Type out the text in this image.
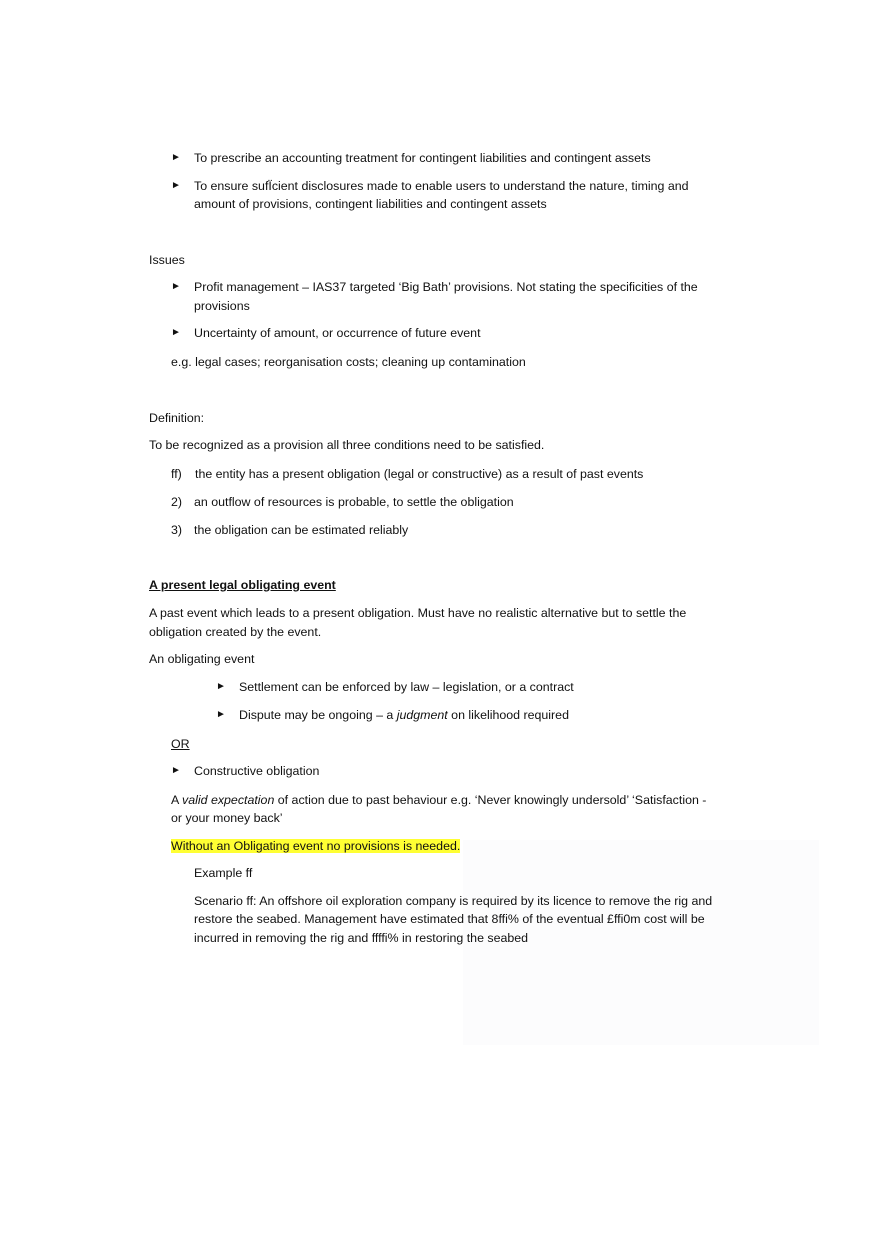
► To prescribe an accounting treatment for contingent liabilities and contingent assets
► To ensure sufÏcient disclosures made to enable users to understand the nature, timing and
amount of provisions, contingent liabilities and contingent assets
Issues
► Profit management – IAS37 targeted ‘Big Bath’ provisions. Not stating the specificities of the
provisions
► Uncertainty of amount, or occurrence of future event
e.g. legal cases; reorganisation costs; cleaning up contamination
Definition:
To be recognized as a provision all three conditions need to be satisfied.
ff) the entity has a present obligation (legal or constructive) as a result of past events
2) an outflow of resources is probable, to settle the obligation
3) the obligation can be estimated reliably
A present legal obligating event
A past event which leads to a present obligation. Must have no realistic alternative but to settle the
obligation created by the event.
An obligating event
► Settlement can be enforced by law – legislation, or a contract
► Dispute may be ongoing – a judgment on likelihood required
OR
► Constructive obligation
A valid expectation of action due to past behaviour e.g. ‘Never knowingly undersold’ ‘Satisfaction -
or your money back’
Without an Obligating event no provisions is needed.
Example ff
Scenario ff: An offshore oil exploration company is required by its licence to remove the rig and
restore the seabed. Management have estimated that 8ffi% of the eventual £ffi0m cost will be
incurred in removing the rig and ffffi% in restoring the seabed
